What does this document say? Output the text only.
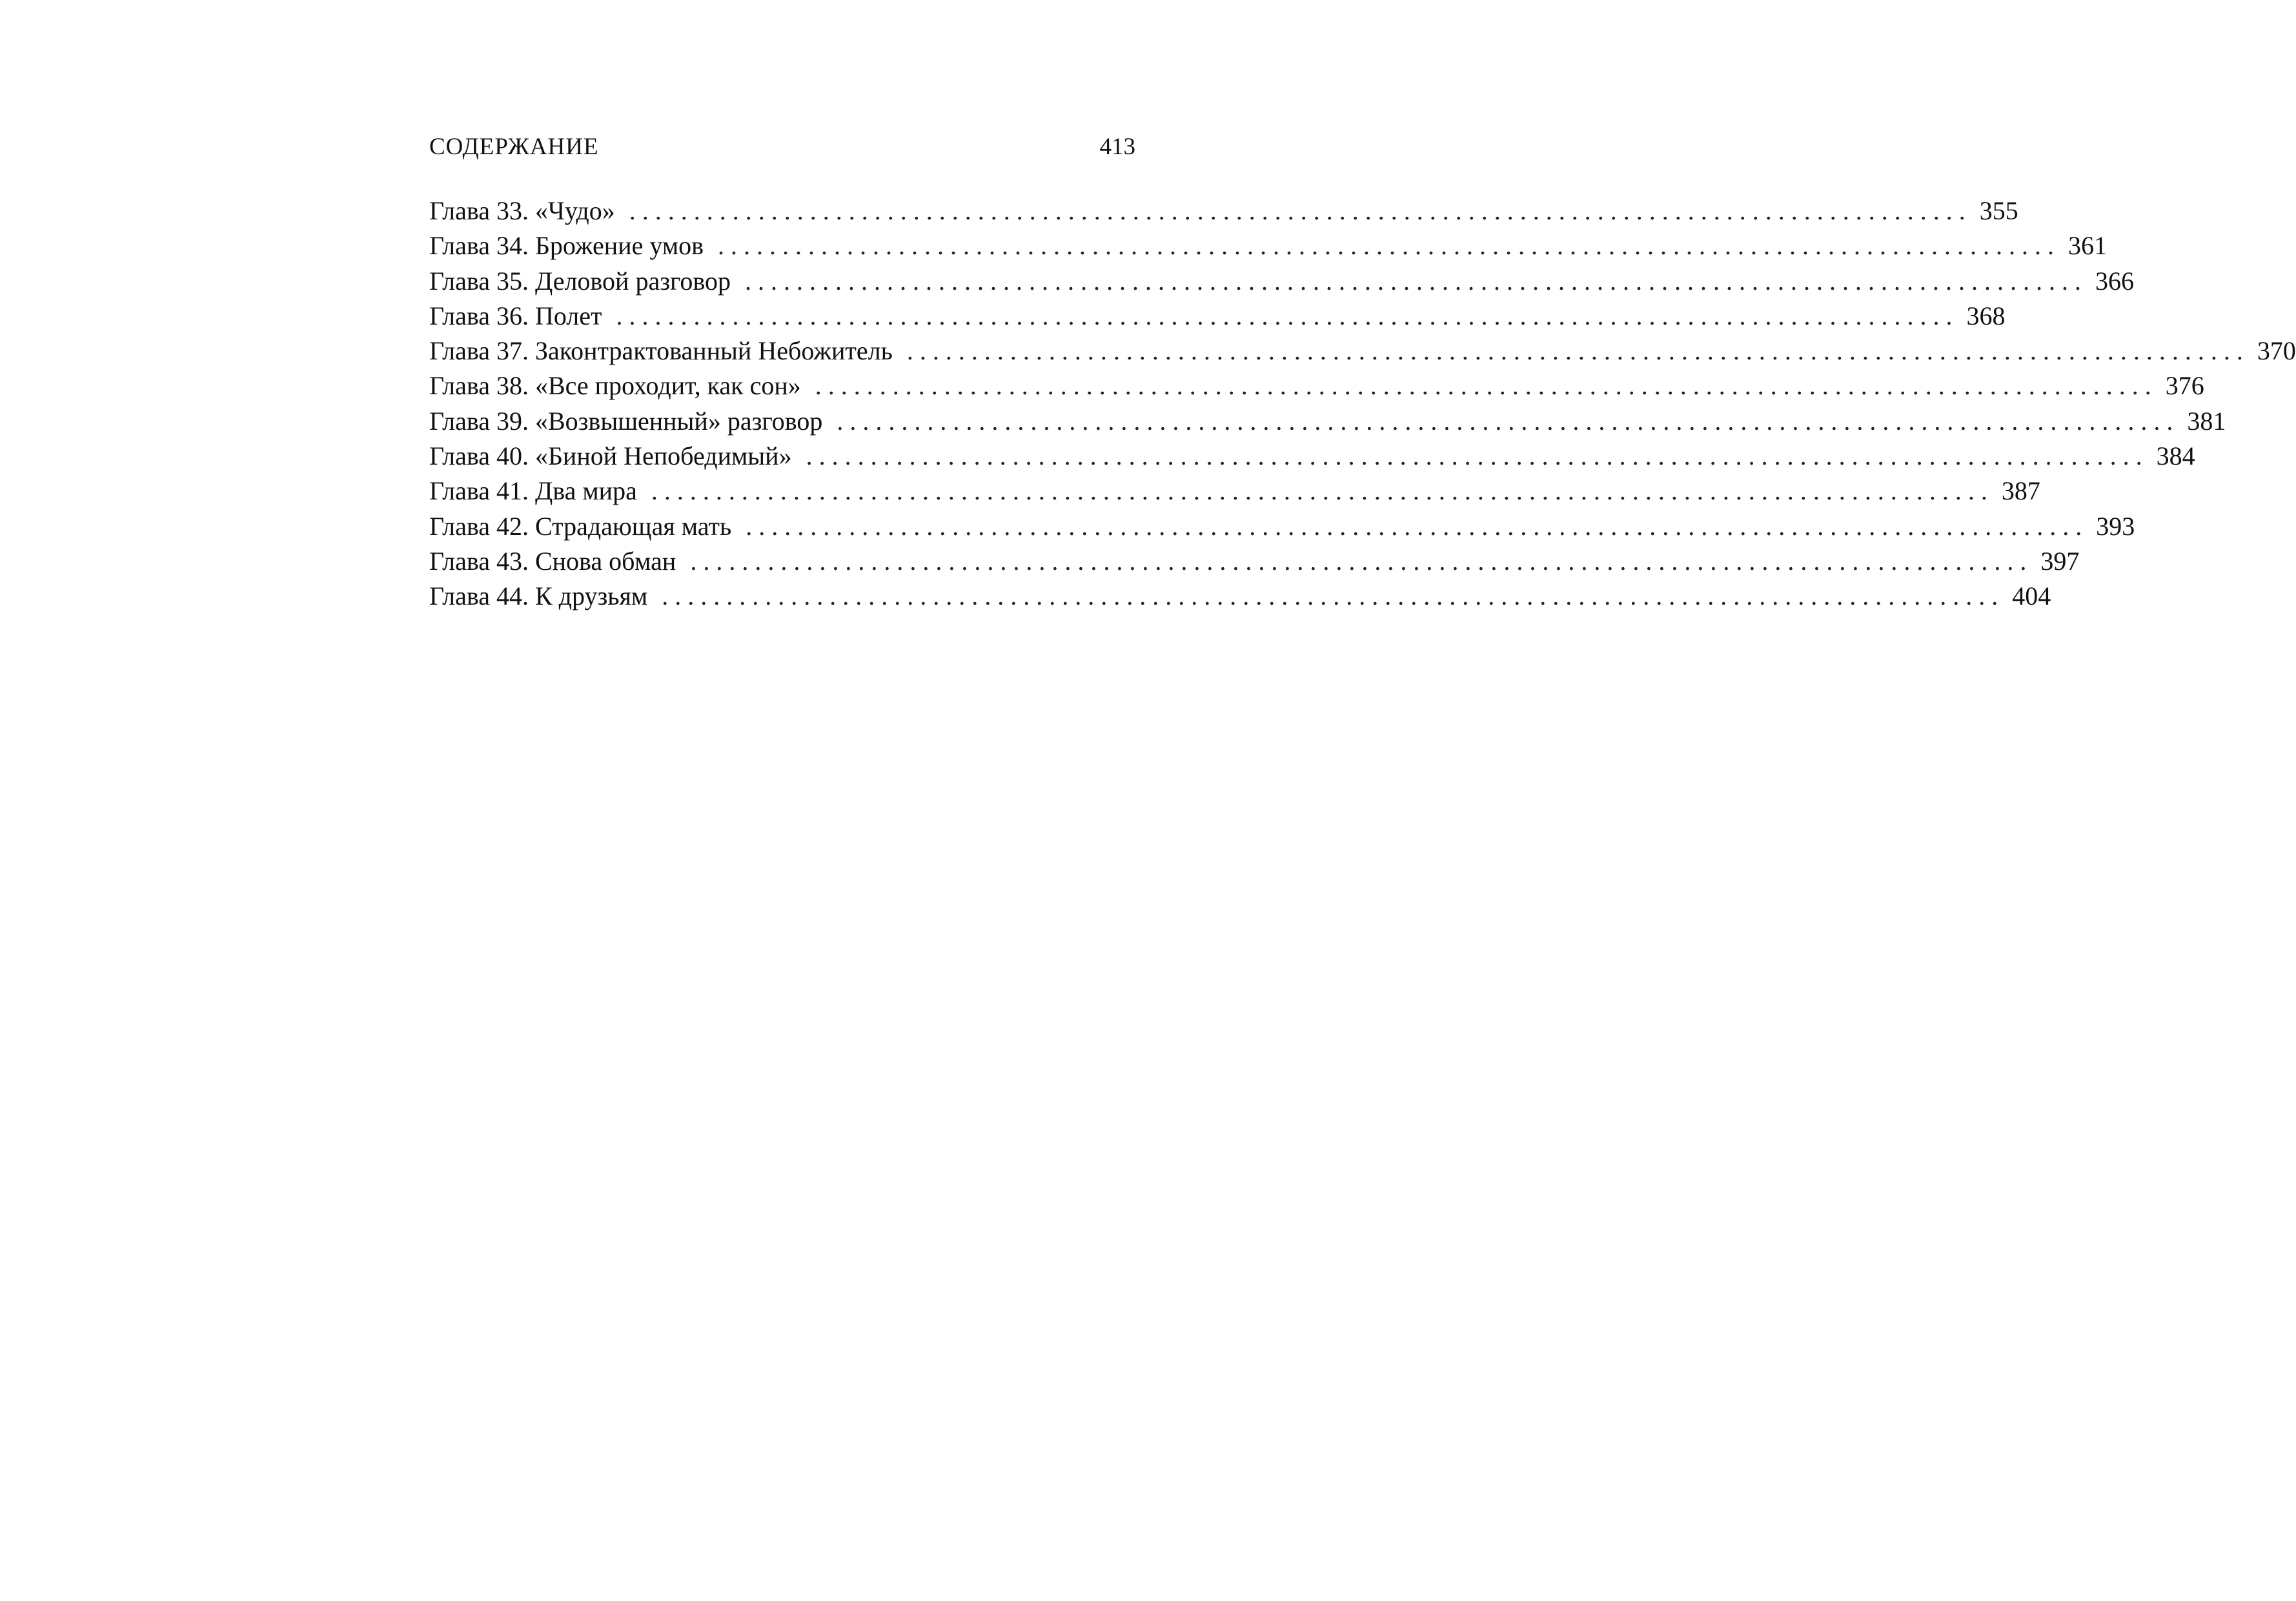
СОДЕРЖАНИЕ	413
Глава 33. «Чудо» ........................................................................................................ 355
Глава 34. Брожение умов ........................................................................................................ 361
Глава 35. Деловой разговор ........................................................................................................ 366
Глава 36. Полет ........................................................................................................ 368
Глава 37. Законтрактованный Небожитель ........................................................................................................ 370
Глава 38. «Все проходит, как сон» ........................................................................................................ 376
Глава 39. «Возвышенный» разговор ........................................................................................................ 381
Глава 40. «Биной Непобедимый» ........................................................................................................ 384
Глава 41. Два мира ........................................................................................................ 387
Глава 42. Страдающая мать ........................................................................................................ 393
Глава 43. Снова обман ........................................................................................................ 397
Глава 44. К друзьям ........................................................................................................ 404
